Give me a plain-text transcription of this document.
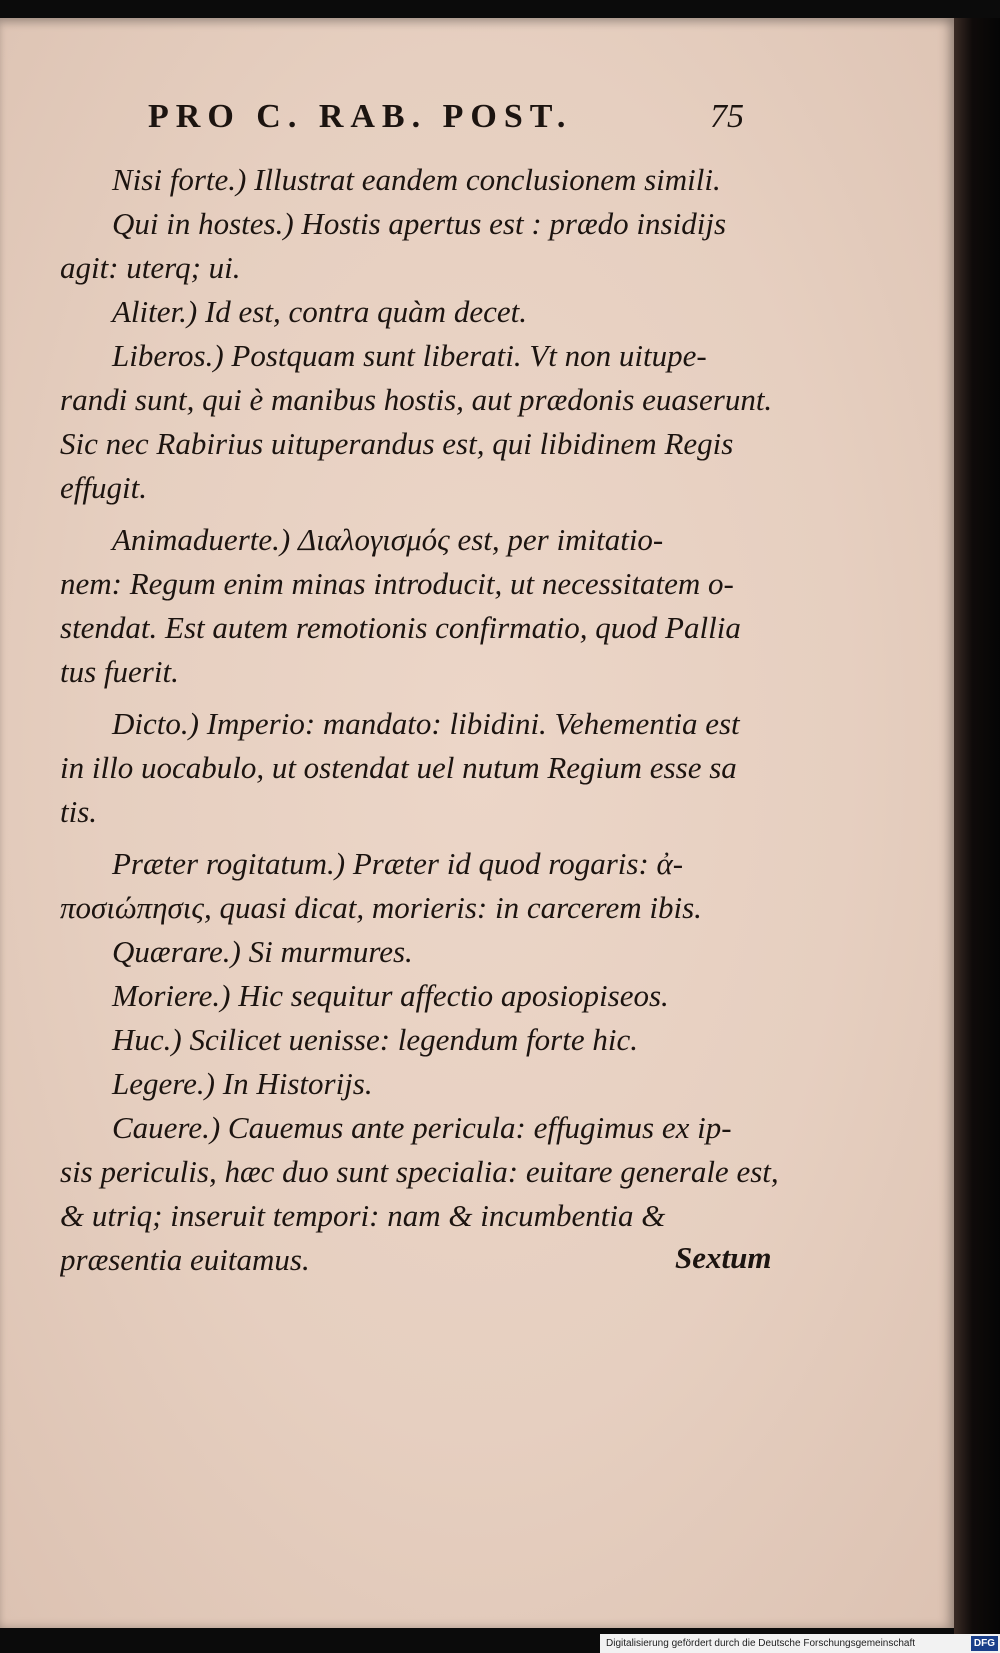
PRO C. RAB. POST.	75
Nisi forte.) Illustrat eandem conclusionem simili.
Qui in hostes.) Hostis apertus est : prædo insidijs
agit: uterq; ui.
Aliter.) Id est, contra quàm decet.
Liberos.) Postquam sunt liberati. Vt non uitupe-
randi sunt, qui è manibus hostis, aut prædonis euaserunt.
Sic nec Rabirius uituperandus est, qui libidinem Regis
effugit.
Animaduerte.) Διαλογισμός est, per imitatio-
nem: Regum enim minas introducit, ut necessitatem o-
stendat. Est autem remotionis confirmatio, quod Pallia
tus fuerit.
Dicto.) Imperio: mandato: libidini. Vehementia est
in illo uocabulo, ut ostendat uel nutum Regium esse sa
tis.
Præter rogitatum.) Præter id quod rogaris: ἀ-
ποσιώπησις, quasi dicat, morieris: in carcerem ibis.
Quærare.) Si murmures.
Moriere.) Hic sequitur affectio aposiopiseos.
Huc.) Scilicet uenisse: legendum forte hic.
Legere.) In Historijs.
Cauere.) Cauemus ante pericula: effugimus ex ip-
sis periculis, hæc duo sunt specialia: euitare generale est,
& utriq; inseruit tempori: nam & incumbentia &
præsentia euitamus.	Sextum
Digitalisierung gefördert durch die Deutsche Forschungsgemeinschaft	DFG
